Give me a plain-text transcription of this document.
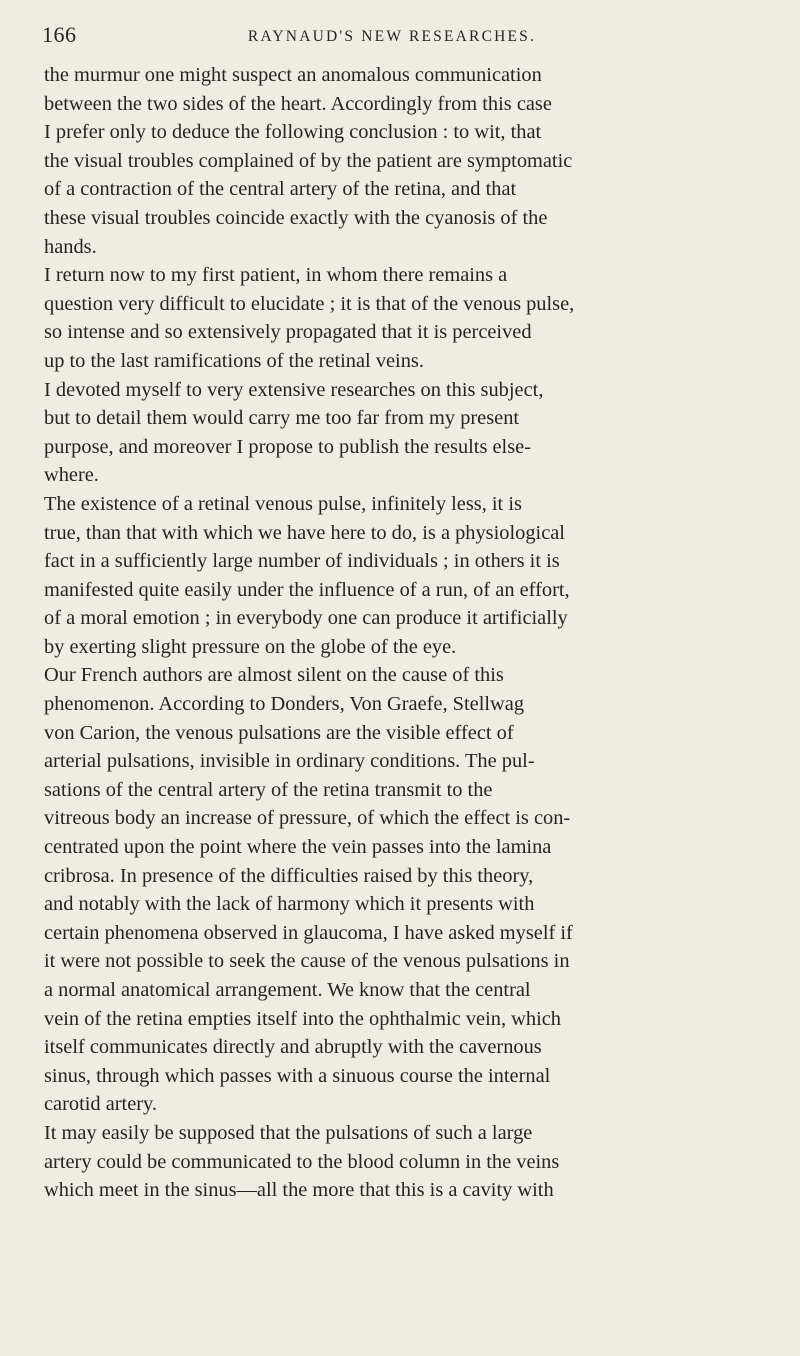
166	RAYNAUD'S NEW RESEARCHES.
the murmur one might suspect an anomalous communication
between the two sides of the heart. Accordingly from this case
I prefer only to deduce the following conclusion : to wit, that
the visual troubles complained of by the patient are symptomatic
of a contraction of the central artery of the retina, and that
these visual troubles coincide exactly with the cyanosis of the
hands.
I return now to my first patient, in whom there remains a
question very difficult to elucidate ; it is that of the venous pulse,
so intense and so extensively propagated that it is perceived
up to the last ramifications of the retinal veins.
I devoted myself to very extensive researches on this subject,
but to detail them would carry me too far from my present
purpose, and moreover I propose to publish the results else-
where.
The existence of a retinal venous pulse, infinitely less, it is
true, than that with which we have here to do, is a physiological
fact in a sufficiently large number of individuals ; in others it is
manifested quite easily under the influence of a run, of an effort,
of a moral emotion ; in everybody one can produce it artificially
by exerting slight pressure on the globe of the eye.
Our French authors are almost silent on the cause of this
phenomenon. According to Donders, Von Graefe, Stellwag
von Carion, the venous pulsations are the visible effect of
arterial pulsations, invisible in ordinary conditions. The pul-
sations of the central artery of the retina transmit to the
vitreous body an increase of pressure, of which the effect is con-
centrated upon the point where the vein passes into the lamina
cribrosa. In presence of the difficulties raised by this theory,
and notably with the lack of harmony which it presents with
certain phenomena observed in glaucoma, I have asked myself if
it were not possible to seek the cause of the venous pulsations in
a normal anatomical arrangement. We know that the central
vein of the retina empties itself into the ophthalmic vein, which
itself communicates directly and abruptly with the cavernous
sinus, through which passes with a sinuous course the internal
carotid artery.
It may easily be supposed that the pulsations of such a large
artery could be communicated to the blood column in the veins
which meet in the sinus—all the more that this is a cavity with
